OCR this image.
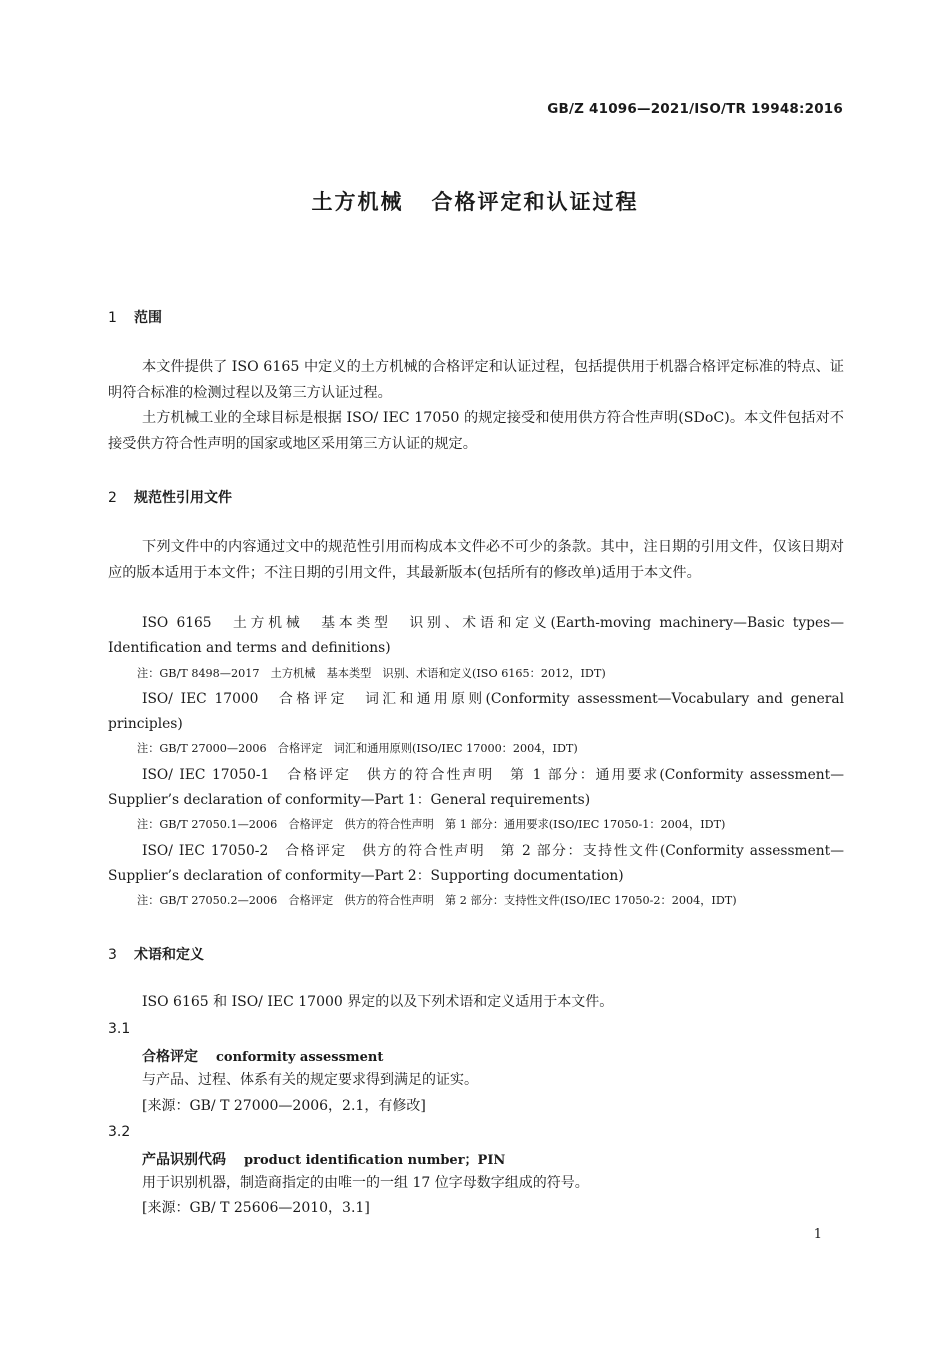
GB/Z 41096—2021/ISO/TR 19948:2016
土方机械 合格评定和认证过程
1 范围
本文件提供了 ISO 6165 中定义的土方机械的合格评定和认证过程，包括提供用于机器合格评定标准的特点、证明符合标准的检测过程以及第三方认证过程。
土方机械工业的全球目标是根据 ISO/ IEC 17050 的规定接受和使用供方符合性声明(SDoC)。本文件包括对不接受供方符合性声明的国家或地区采用第三方认证的规定。
2 规范性引用文件
下列文件中的内容通过文中的规范性引用而构成本文件必不可少的条款。其中，注日期的引用文件，仅该日期对应的版本适用于本文件；不注日期的引用文件，其最新版本(包括所有的修改单)适用于本文件。
ISO 6165　土方机械　基本类型　识别、术语和定义(Earth-moving machinery—Basic types—Identification and terms and definitions)
注：GB/T 8498—2017　土方机械　基本类型　识别、术语和定义(ISO 6165：2012，IDT)
ISO/ IEC 17000　合格评定　词汇和通用原则(Conformity assessment—Vocabulary and general principles)
注：GB/T 27000—2006　合格评定　词汇和通用原则(ISO/IEC 17000：2004，IDT)
ISO/ IEC 17050-1　合格评定　供方的符合性声明　第 1 部分：通用要求(Conformity assessment—Supplier’s declaration of conformity—Part 1：General requirements)
注：GB/T 27050.1—2006　合格评定　供方的符合性声明　第 1 部分：通用要求(ISO/IEC 17050-1：2004，IDT)
ISO/ IEC 17050-2　合格评定　供方的符合性声明　第 2 部分：支持性文件(Conformity assessment—Supplier’s declaration of conformity—Part 2：Supporting documentation)
注：GB/T 27050.2—2006　合格评定　供方的符合性声明　第 2 部分：支持性文件(ISO/IEC 17050-2：2004，IDT)
3 术语和定义
ISO 6165 和 ISO/ IEC 17000 界定的以及下列术语和定义适用于本文件。
3.1
合格评定 conformity assessment
与产品、过程、体系有关的规定要求得到满足的证实。
[来源：GB/ T 27000—2006，2.1，有修改]
3.2
产品识别代码 product identification number；PIN
用于识别机器，制造商指定的由唯一的一组 17 位字母数字组成的符号。
[来源：GB/ T 25606—2010，3.1]
1
